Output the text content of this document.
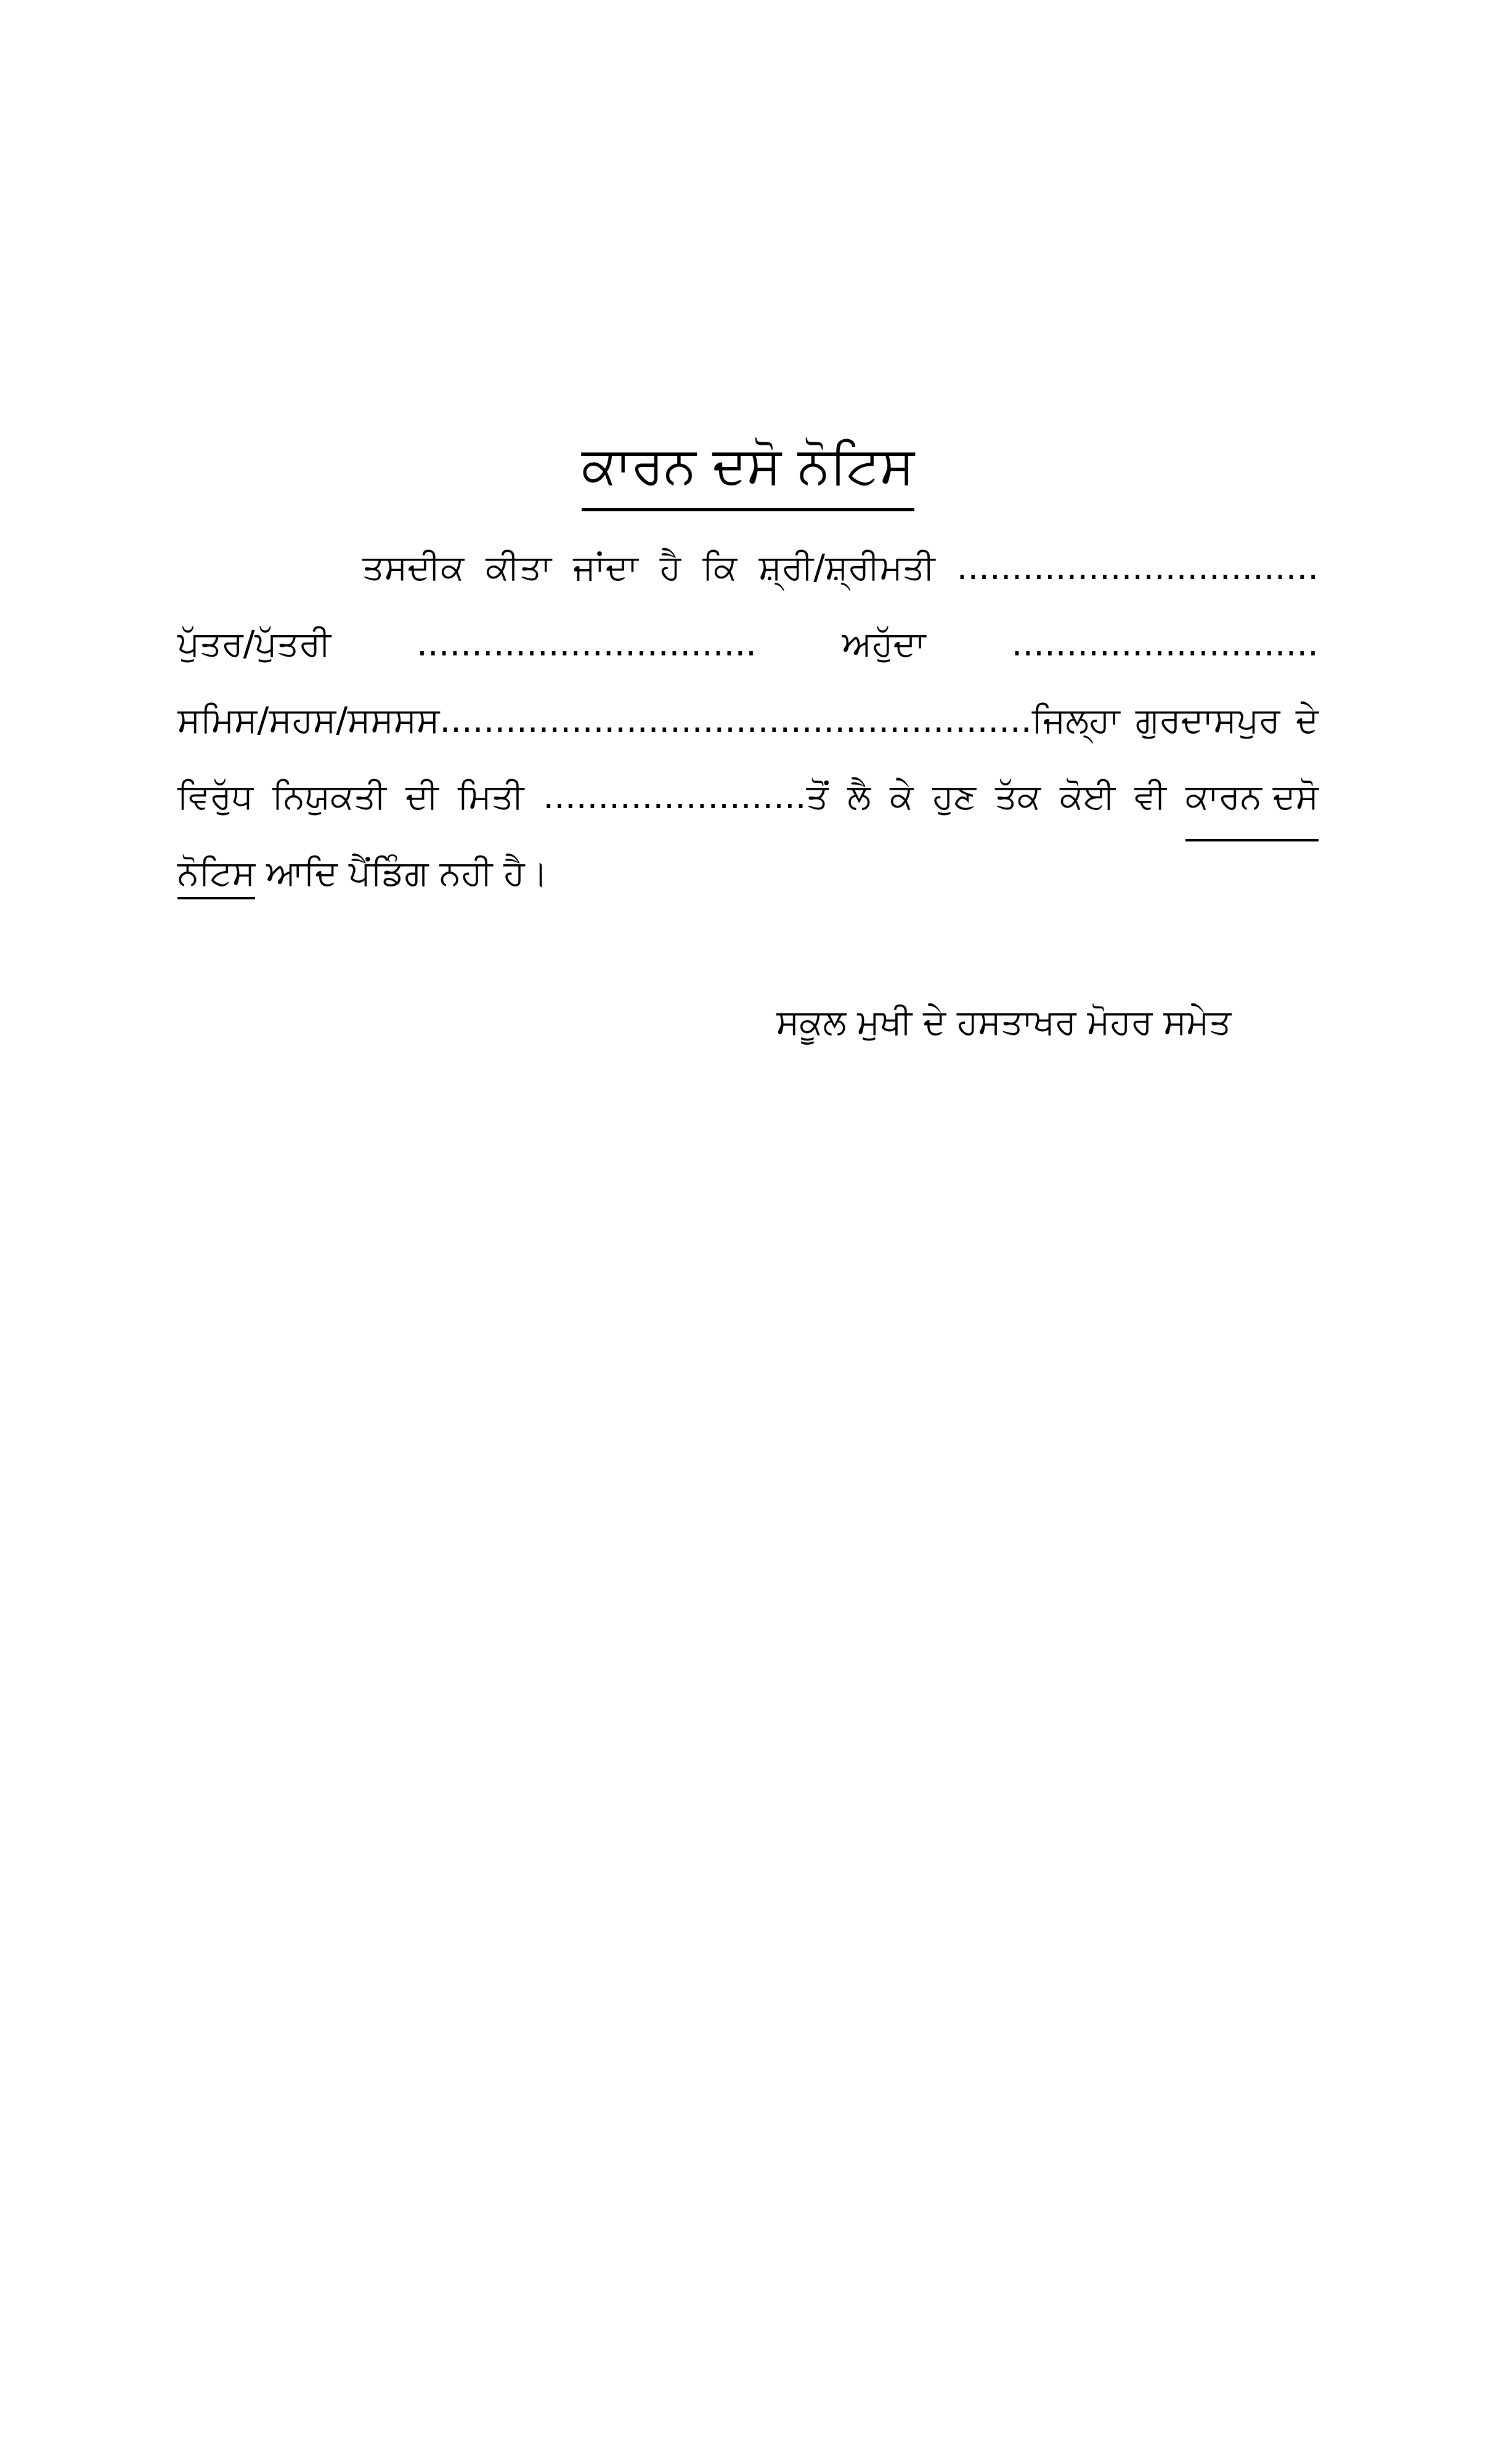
ਕਾਰਨ ਦਸੋ ਨੋਟਿਸ
ਤਸਦੀਕ ਕੀਤਾ ਜਾਂਦਾ ਹੈ ਕਿ ਸ਼੍ਰੀ/ਸ਼੍ਰੀਮਤੀ .................................
ਪੁੱਤਰ/ਪੁੱਤਰੀ ............................... ਅਹੁੱਦਾ ............................
ਸਮਿਸ/ਸਹਸ/ਸਸਸਸ......................................................ਜਿਲ੍ਹਾ ਗੁਰਦਾਸਪੁਰ ਦੇ
ਵਿਰੁੱਧ ਨਿਯੁਕਤੀ ਦੀ ਮਿਤੀ ........................ਤੋਂ ਲੈ ਕੇ ਹੁਣ ਤੱਕ ਕੋਈ ਵੀ ਕਾਰਨ ਦਸੋ
ਨੋਟਿਸ ਆਦਿ ਪੈਂਡਿੰਗ ਨਹੀ ਹੈ।
ਸਕੂਲ ਮੁਖੀ ਦੇ ਹਸਤਾਖਰ ਮੋਹਰ ਸਮੇਤ
